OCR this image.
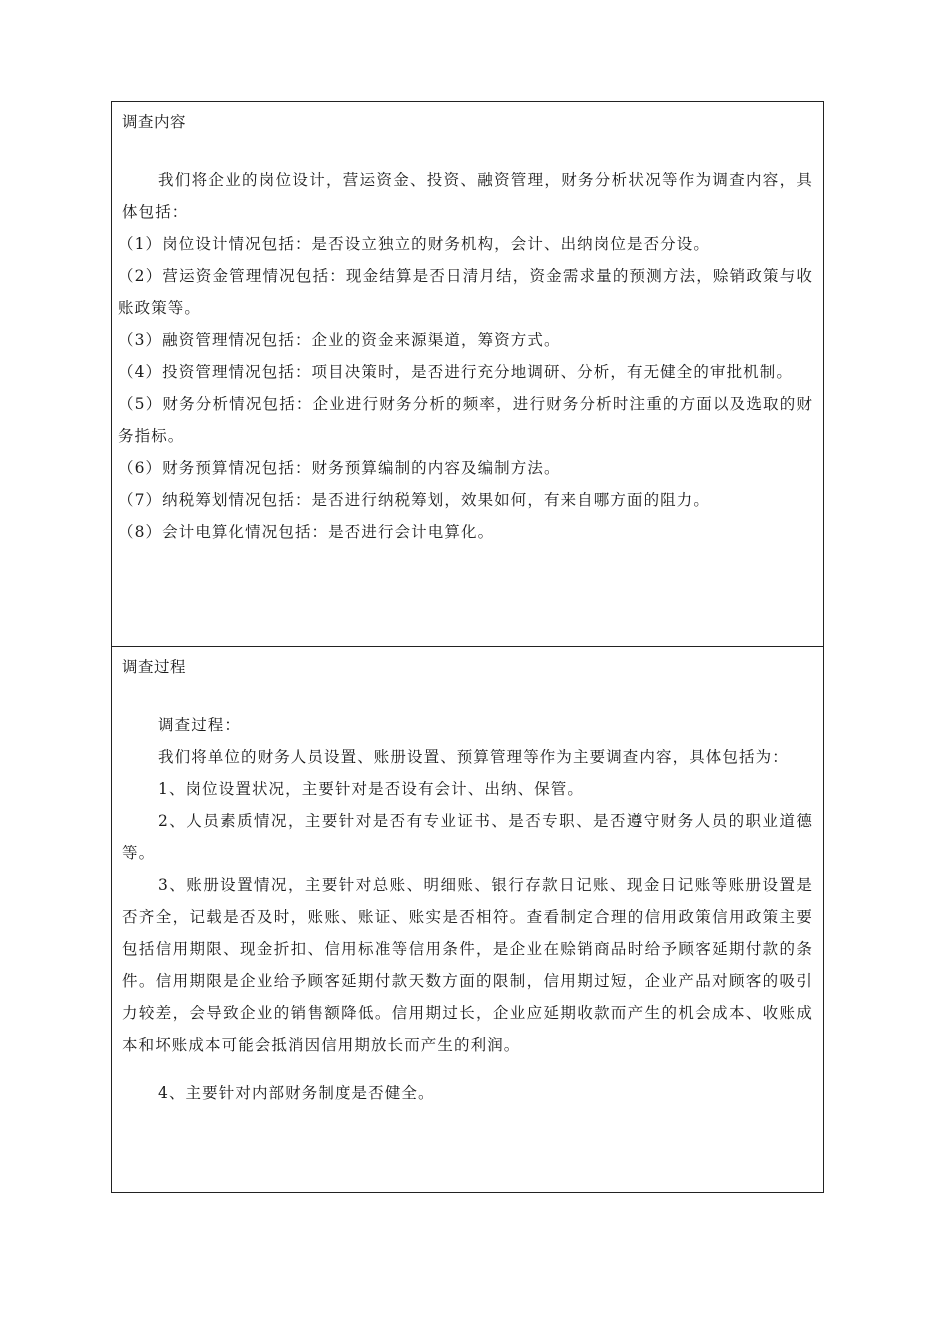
调查内容

我们将企业的岗位设计，营运资金、投资、融资管理，财务分析状况等作为调查内容，具体包括：

（1）岗位设计情况包括：是否设立独立的财务机构，会计、出纳岗位是否分设。

（2）营运资金管理情况包括：现金结算是否日清月结，资金需求量的预测方法，赊销政策与收账政策等。

（3）融资管理情况包括：企业的资金来源渠道，筹资方式。

（4）投资管理情况包括：项目决策时，是否进行充分地调研、分析，有无健全的审批机制。

（5）财务分析情况包括：企业进行财务分析的频率，进行财务分析时注重的方面以及选取的财务指标。

（6）财务预算情况包括：财务预算编制的内容及编制方法。

（7）纳税筹划情况包括：是否进行纳税筹划，效果如何，有来自哪方面的阻力。

（8）会计电算化情况包括：是否进行会计电算化。

调查过程

调查过程：

我们将单位的财务人员设置、账册设置、预算管理等作为主要调查内容，具体包括为：

1、岗位设置状况，主要针对是否设有会计、出纳、保管。

2、人员素质情况，主要针对是否有专业证书、是否专职、是否遵守财务人员的职业道德等。

3、账册设置情况，主要针对总账、明细账、银行存款日记账、现金日记账等账册设置是否齐全，记载是否及时，账账、账证、账实是否相符。查看制定合理的信用政策信用政策主要包括信用期限、现金折扣、信用标准等信用条件，是企业在赊销商品时给予顾客延期付款的条件。信用期限是企业给予顾客延期付款天数方面的限制，信用期过短，企业产品对顾客的吸引力较差，会导致企业的销售额降低。信用期过长，企业应延期收款而产生的机会成本、收账成本和坏账成本可能会抵消因信用期放长而产生的利润。

4、主要针对内部财务制度是否健全。
